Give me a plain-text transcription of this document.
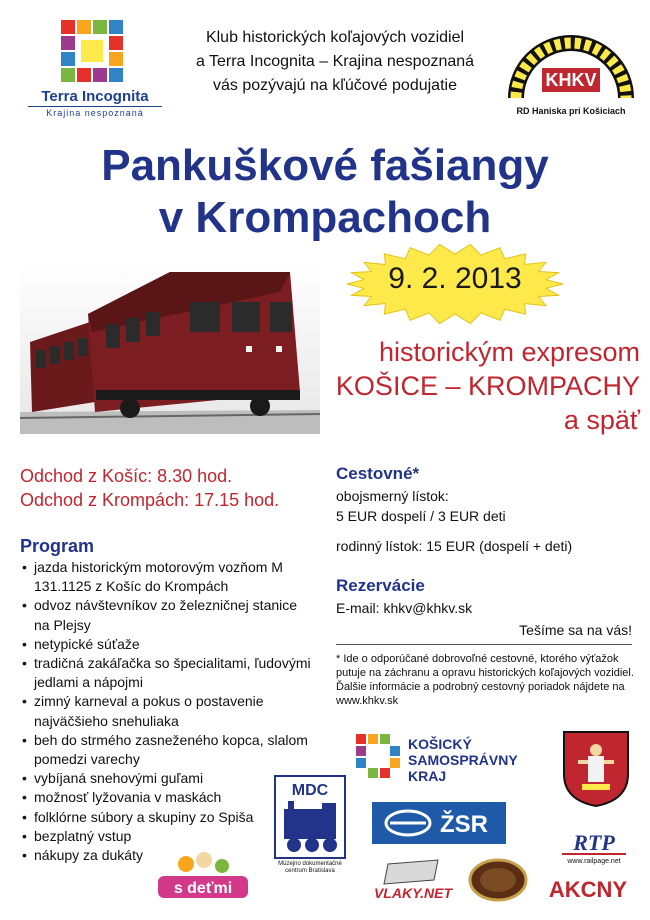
Terra Incognita
Krajina nespoznaná
Klub historických koľajových vozidiel
a Terra Incognita – Krajina nespoznaná
vás pozývajú na kľúčové podujatie	KHKV
RD Haniska pri Košiciach
Pankuškové fašiangy
v Krompachoch
9. 2. 2013
historickým expresom
KOŠICE – KROMPACHY
a späť
Odchod z Košíc: 8.30 hod.
Odchod z Krompách: 17.15 hod.
Program
• jazda historickým motorovým vozňom M 131.1125 z Košíc do Krompách
• odvoz návštevníkov zo železničnej stanice na Plejsy
• netypické súťaže
• tradičná zakáľačka so špecialitami, ľudovými jedlami a nápojmi
• zimný karneval a pokus o postavenie najväčšieho snehuliaka
• beh do strmého zasneženého kopca, slalom pomedzi varechy
• vybíjaná snehovými guľami
• možnosť lyžovania v maskách
• folklórne súbory a skupiny zo Spiša
• bezplatný vstup
• nákupy za dukáty
Cestovné*
obojsmerný lístok:
5 EUR dospelí / 3 EUR deti
rodinný lístok: 15 EUR (dospelí + deti)
Rezervácie
E-mail: khkv@khkv.sk
Tešíme sa na vás!
* Ide o odporúčané dobrovoľné cestovné, ktorého výťažok putuje na záchranu a opravu historických koľajových vozidiel. Ďalšie informácie a podrobný cestovný poriadok nájdete na www.khkv.sk
KOŠICKÝ
SAMOSPRÁVNY
KRAJ
MDC
Múzejno dokumentačné centrum Bratislava
ŽSR
RTP
www.railpage.net
s deťmi	VLAKY.NET	AKCNY
